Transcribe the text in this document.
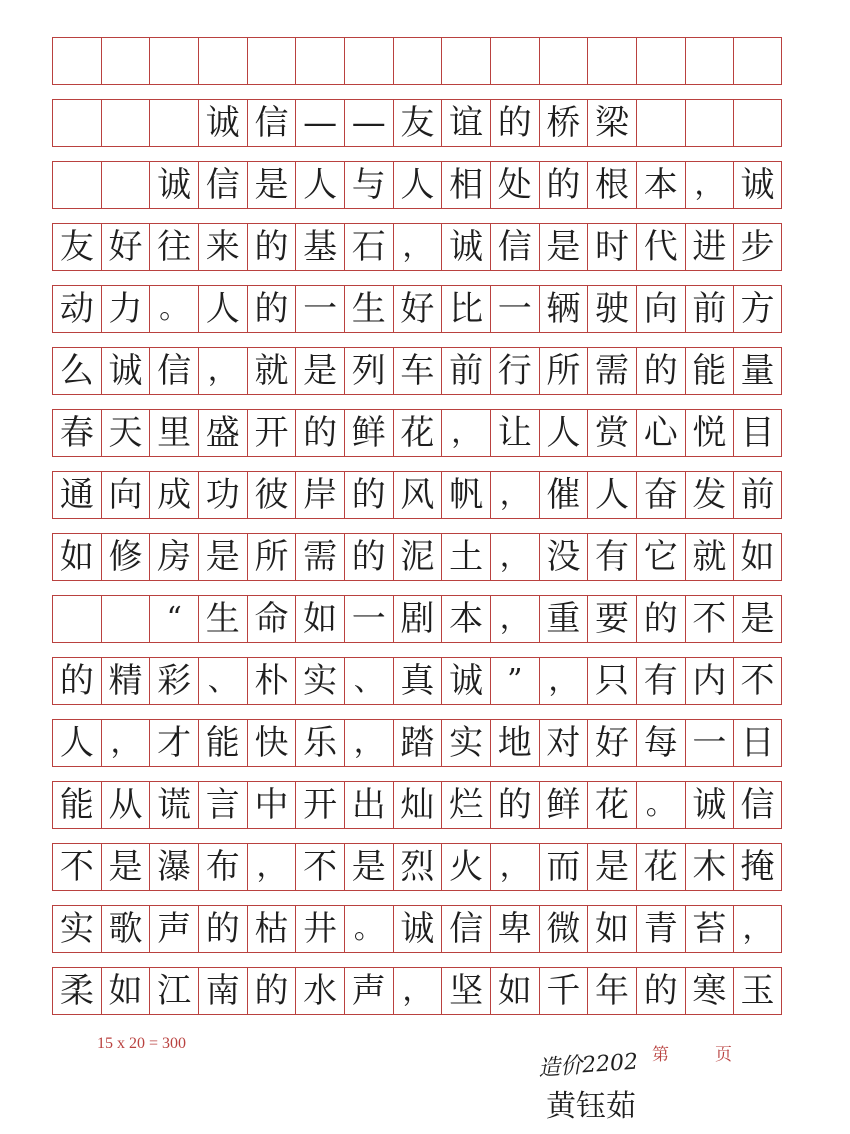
诚 信 — — 友 谊 的 桥 梁
诚 信 是 人 与 人 相 处 的 根 本 ， 诚
友 好 往 来 的 基 石 ， 诚 信 是 时 代 进 步
动 力 。 人 的 一 生 好 比 一 辆 驶 向 前 方
么 诚 信 ， 就 是 列 车 前 行 所 需 的 能 量
春 天 里 盛 开 的 鲜 花 ， 让 人 赏 心 悦 目
通 向 成 功 彼 岸 的 风 帆 ， 催 人 奋 发 前
如 修 房 是 所 需 的 泥 土 ， 没 有 它 就 如
“ 生 命 如 一 剧 本 ， 重 要 的 不 是
的 精 彩 、 朴 实 、 真 诚 ” ， 只 有 内 不
人 ， 才 能 快 乐 ， 踏 实 地 对 好 每 一 日
能 从 谎 言 中 开 出 灿 烂 的 鲜 花 。 诚 信
不 是 瀑 布 ， 不 是 烈 火 ， 而 是 花 木 掩
实 歌 声 的 枯 井 。 诚 信 卑 微 如 青 苔 ，
柔 如 江 南 的 水 声 ， 坚 如 千 年 的 寒 玉
15 x 20 = 300
第	页
造价2202
黄钰茹
